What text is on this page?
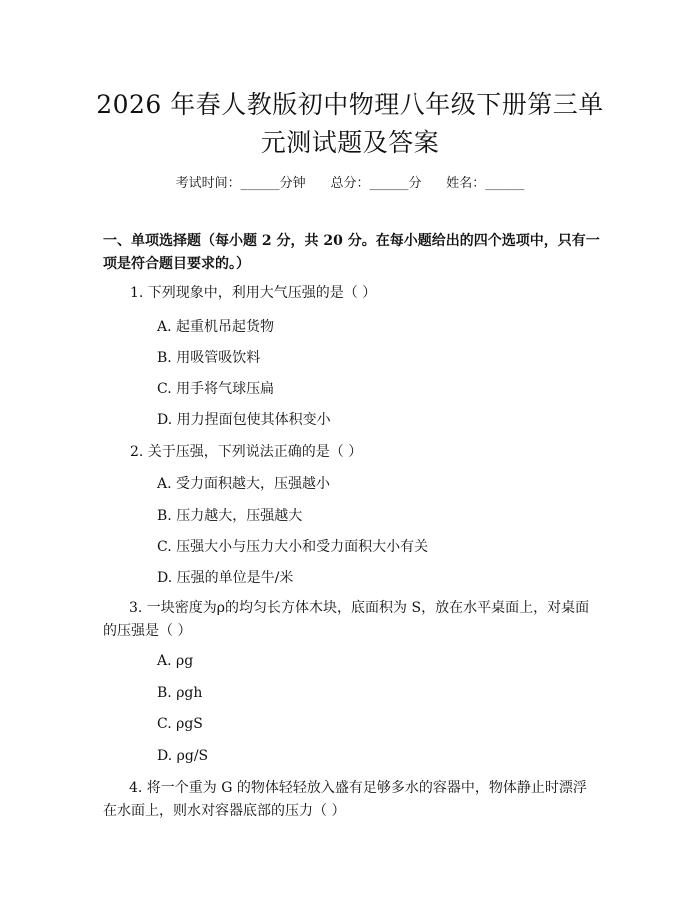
2026 年春人教版初中物理八年级下册第三单元测试题及答案
考试时间：______分钟 总分：______分 姓名：______
一、单项选择题（每小题 2 分，共 20 分。在每小题给出的四个选项中，只有一项是符合题目要求的。）
1. 下列现象中，利用大气压强的是（ ）
A. 起重机吊起货物
B. 用吸管吸饮料
C. 用手将气球压扁
D. 用力捏面包使其体积变小
2. 关于压强，下列说法正确的是（ ）
A. 受力面积越大，压强越小
B. 压力越大，压强越大
C. 压强大小与压力大小和受力面积大小有关
D. 压强的单位是牛/米
3. 一块密度为ρ的均匀长方体木块，底面积为 S，放在水平桌面上，对桌面的压强是（ ）
A. ρg
B. ρgh
C. ρgS
D. ρg/S
4. 将一个重为 G 的物体轻轻放入盛有足够多水的容器中，物体静止时漂浮在水面上，则水对容器底部的压力（ ）
